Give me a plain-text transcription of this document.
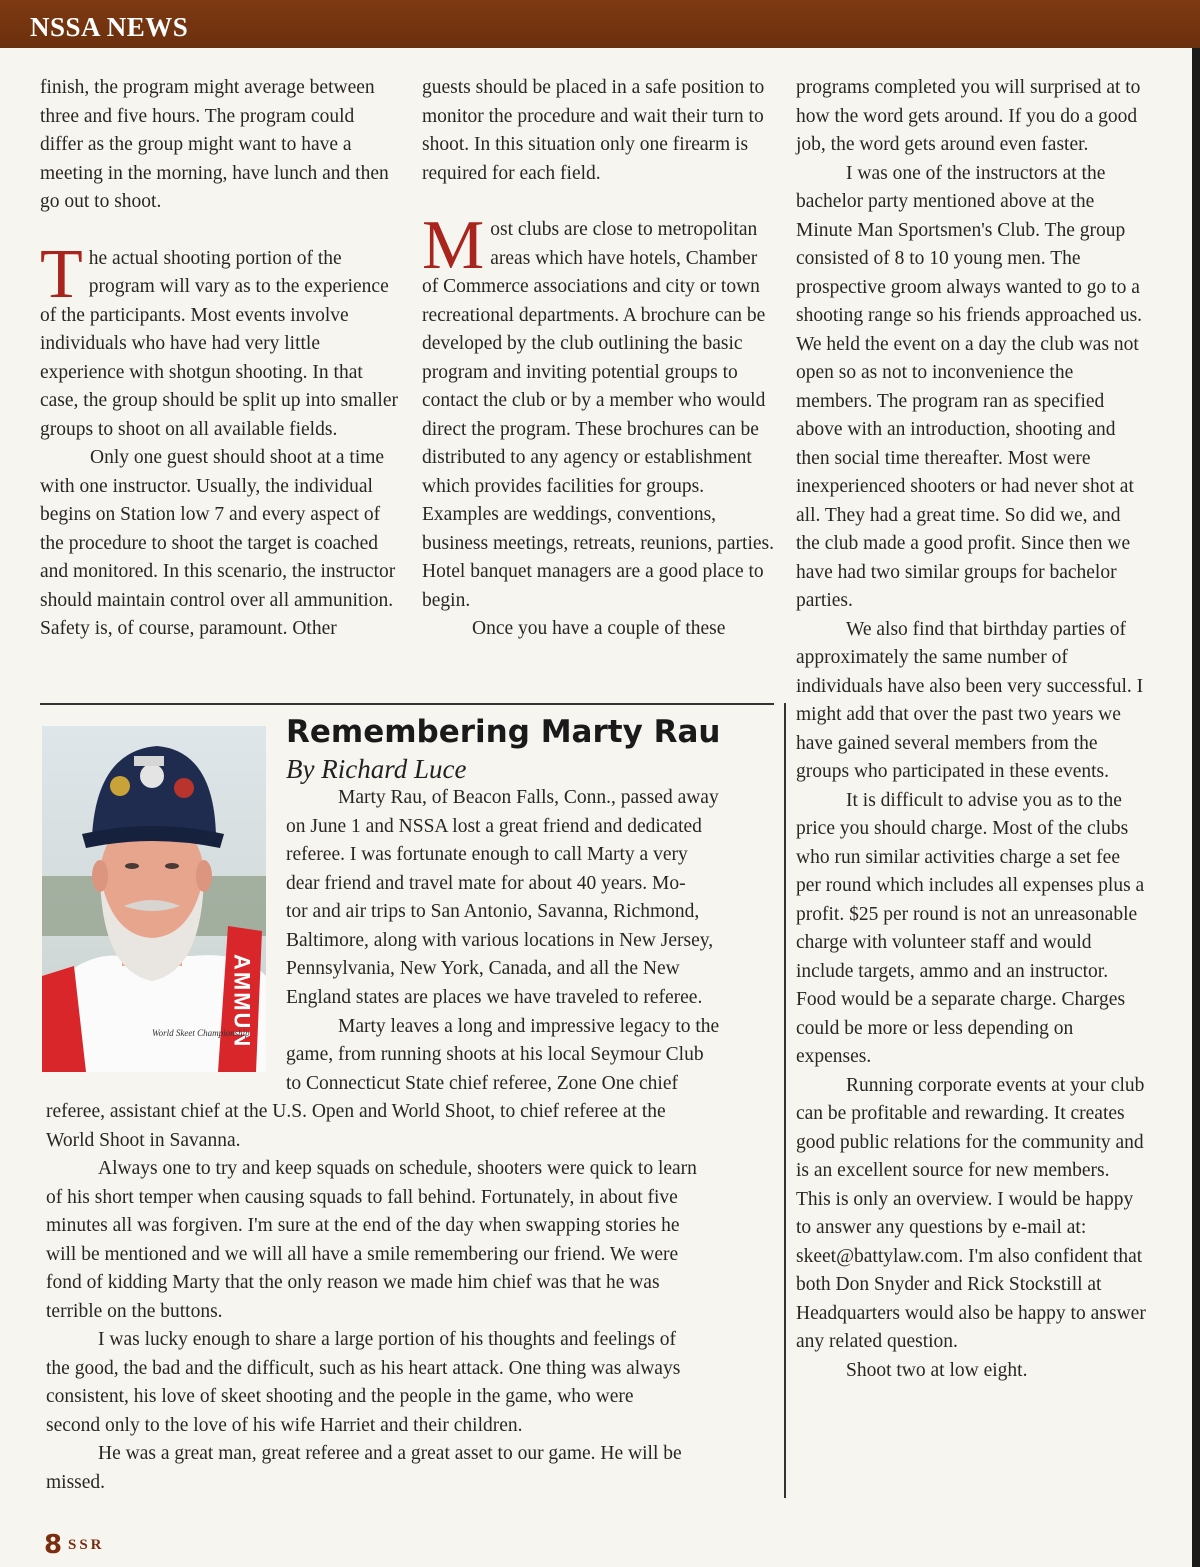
NSSA NEWS

finish, the program might average between three and five hours. The program could differ as the group might want to have a meeting in the morning, have lunch and then go out to shoot.

The actual shooting portion of the program will vary as to the experience of the participants. Most events involve individuals who have had very little experience with shotgun shooting. In that case, the group should be split up into smaller groups to shoot on all available fields.

Only one guest should shoot at a time with one instructor. Usually, the individual begins on Station low 7 and every aspect of the procedure to shoot the target is coached and monitored. In this scenario, the instructor should maintain control over all ammunition. Safety is, of course, paramount. Other

guests should be placed in a safe position to monitor the procedure and wait their turn to shoot. In this situation only one firearm is required for each field.

Most clubs are close to metropolitan areas which have hotels, Chamber of Commerce associations and city or town recreational departments. A brochure can be developed by the club outlining the basic program and inviting potential groups to contact the club or by a member who would direct the program. These brochures can be distributed to any agency or establishment which provides facilities for groups. Examples are weddings, conventions, business meetings, retreats, reunions, parties. Hotel banquet managers are a good place to begin.

Once you have a couple of these

programs completed you will surprised at to how the word gets around. If you do a good job, the word gets around even faster.

I was one of the instructors at the bachelor party mentioned above at the Minute Man Sportsmen's Club. The group consisted of 8 to 10 young men. The prospective groom always wanted to go to a shooting range so his friends approached us. We held the event on a day the club was not open so as not to inconvenience the members. The program ran as specified above with an introduction, shooting and then social time thereafter. Most were inexperienced shooters or had never shot at all. They had a great time. So did we, and the club made a good profit. Since then we have had two similar groups for bachelor parties.

We also find that birthday parties of approximately the same number of individuals have also been very successful. I might add that over the past two years we have gained several members from the groups who participated in these events.

It is difficult to advise you as to the price you should charge. Most of the clubs who run similar activities charge a set fee per round which includes all expenses plus a profit. $25 per round is not an unreasonable charge with volunteer staff and would include targets, ammo and an instructor. Food would be a separate charge. Charges could be more or less depending on expenses.

Running corporate events at your club can be profitable and rewarding. It creates good public relations for the community and is an excellent source for new members. This is only an overview. I would be happy to answer any questions by e-mail at: skeet@battylaw.com. I'm also confident that both Don Snyder and Rick Stockstill at Headquarters would also be happy to answer any related question.

Shoot two at low eight.

AMMUN
World Skeet Championship
Remembering Marty Rau
By Richard Luce
Marty Rau, of Beacon Falls, Conn., passed away
on June 1 and NSSA lost a great friend and dedicated
referee. I was fortunate enough to call Marty a very
dear friend and travel mate for about 40 years. Mo-
tor and air trips to San Antonio, Savanna, Richmond,
Baltimore, along with various locations in New Jersey,
Pennsylvania, New York, Canada, and all the New
England states are places we have traveled to referee.
Marty leaves a long and impressive legacy to the
game, from running shoots at his local Seymour Club
to Connecticut State chief referee, Zone One chief
referee, assistant chief at the U.S. Open and World Shoot, to chief referee at the
World Shoot in Savanna.
Always one to try and keep squads on schedule, shooters were quick to learn
of his short temper when causing squads to fall behind. Fortunately, in about five
minutes all was forgiven. I'm sure at the end of the day when swapping stories he
will be mentioned and we will all have a smile remembering our friend. We were
fond of kidding Marty that the only reason we made him chief was that he was
terrible on the buttons.
I was lucky enough to share a large portion of his thoughts and feelings of
the good, the bad and the difficult, such as his heart attack. One thing was always
consistent, his love of skeet shooting and the people in the game, who were
second only to the love of his wife Harriet and their children.
He was a great man, great referee and a great asset to our game. He will be
missed.
8 SSR
